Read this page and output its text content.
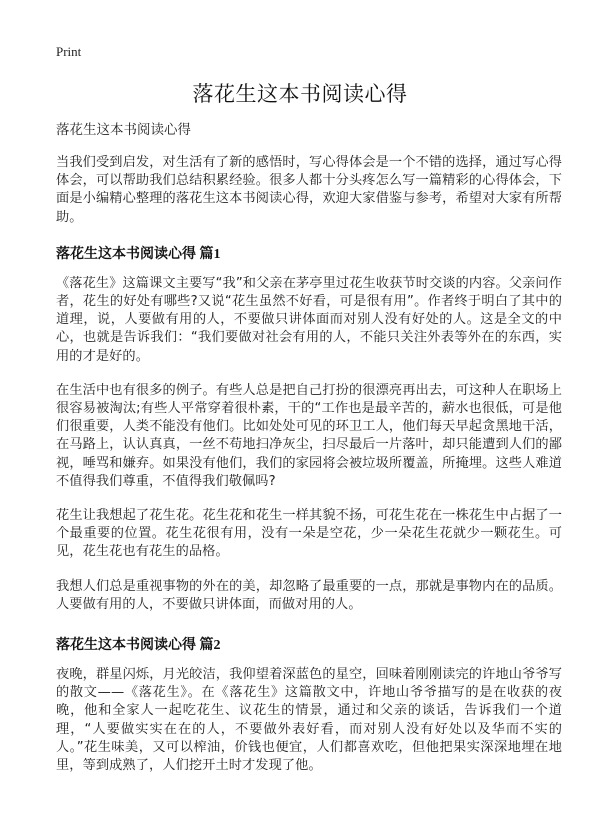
Print
落花生这本书阅读心得
落花生这本书阅读心得

当我们受到启发，对生活有了新的感悟时，写心得体会是一个不错的选择，通过写心得体会，可以帮助我们总结积累经验。很多人都十分头疼怎么写一篇精彩的心得体会，下面是小编精心整理的落花生这本书阅读心得，欢迎大家借鉴与参考，希望对大家有所帮助。

落花生这本书阅读心得 篇1

《落花生》这篇课文主要写“我”和父亲在茅亭里过花生收获节时交谈的内容。父亲问作者，花生的好处有哪些?又说“花生虽然不好看，可是很有用”。作者终于明白了其中的道理，说，人要做有用的人，不要做只讲体面而对别人没有好处的人。这是全文的中心，也就是告诉我们：“我们要做对社会有用的人，不能只关注外表等外在的东西，实用的才是好的。

在生活中也有很多的例子。有些人总是把自己打扮的很漂亮再出去，可这种人在职场上很容易被淘汰;有些人平常穿着很朴素，干的“工作也是最辛苦的，薪水也很低，可是他们很重要，人类不能没有他们。比如处处可见的环卫工人，他们每天早起贪黑地干活，在马路上，认认真真，一丝不苟地扫净灰尘，扫尽最后一片落叶，却只能遭到人们的鄙视，唾骂和嫌弃。如果没有他们，我们的家园将会被垃圾所覆盖，所掩埋。这些人难道不值得我们尊重，不值得我们敬佩吗?

花生让我想起了花生花。花生花和花生一样其貌不扬，可花生花在一株花生中占据了一个最重要的位置。花生花很有用，没有一朵是空花，少一朵花生花就少一颗花生。可见，花生花也有花生的品格。

我想人们总是重视事物的外在的美，却忽略了最重要的一点，那就是事物内在的品质。人要做有用的人，不要做只讲体面，而做对用的人。

落花生这本书阅读心得 篇2

夜晚，群星闪烁，月光皎洁，我仰望着深蓝色的星空，回味着刚刚读完的许地山爷爷写的散文——《落花生》。在《落花生》这篇散文中，许地山爷爷描写的是在收获的夜晚，他和全家人一起吃花生、议花生的情景，通过和父亲的谈话，告诉我们一个道理，“人要做实实在在的人，不要做外表好看，而对别人没有好处以及华而不实的人。”花生味美，又可以榨油，价钱也便宜，人们都喜欢吃，但他把果实深深地埋在地里，等到成熟了，人们挖开土时才发现了他。
